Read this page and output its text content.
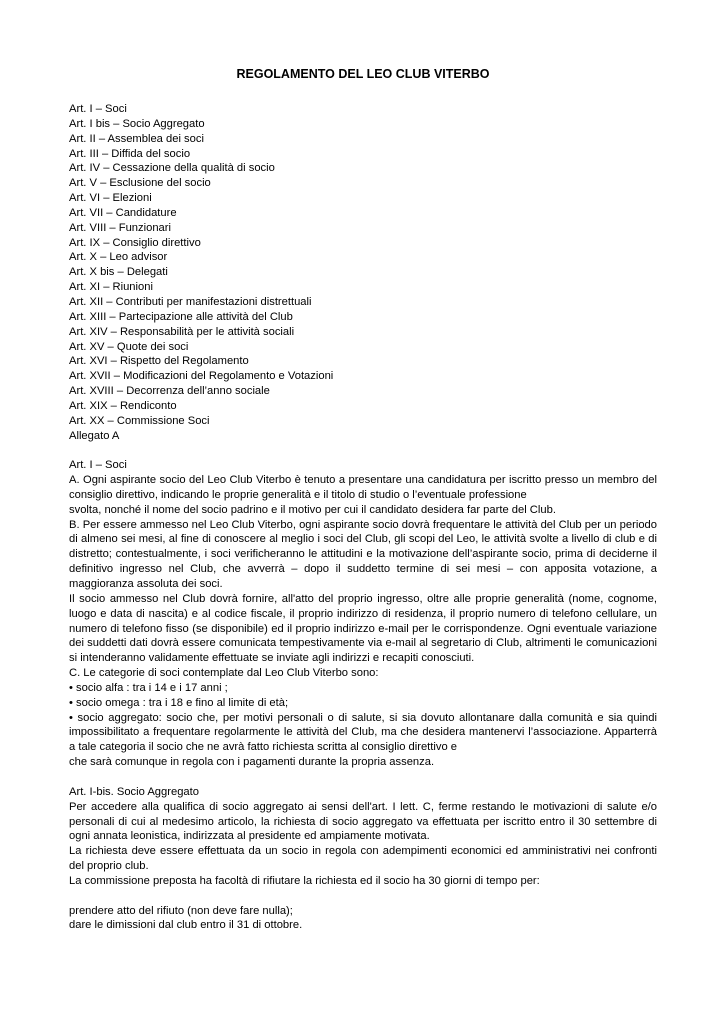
REGOLAMENTO DEL LEO CLUB VITERBO
Art. I – Soci
Art. I bis – Socio Aggregato
Art. II – Assemblea dei soci
Art. III – Diffida del socio
Art. IV – Cessazione della qualità di socio
Art. V – Esclusione del socio
Art. VI – Elezioni
Art. VII – Candidature
Art. VIII – Funzionari
Art. IX – Consiglio direttivo
Art. X – Leo advisor
Art. X bis – Delegati
Art. XI – Riunioni
Art. XII – Contributi per manifestazioni distrettuali
Art. XIII – Partecipazione alle attività del Club
Art. XIV – Responsabilità per le attività sociali
Art. XV – Quote dei soci
Art. XVI – Rispetto del Regolamento
Art. XVII – Modificazioni del Regolamento e Votazioni
Art. XVIII – Decorrenza dell’anno sociale
Art. XIX – Rendiconto
Art. XX – Commissione Soci
Allegato A
Art. I – Soci
A. Ogni aspirante socio del Leo Club Viterbo è tenuto a presentare una candidatura per iscritto presso un membro del
consiglio direttivo, indicando le proprie generalità e il titolo di studio o l’eventuale professione
svolta, nonché il nome del socio padrino e il motivo per cui il candidato desidera far parte del Club.
B. Per essere ammesso nel Leo Club Viterbo, ogni aspirante socio dovrà frequentare le attività del Club per un periodo
di almeno sei mesi, al fine di conoscere al meglio i soci del Club, gli scopi del Leo, le attività svolte a livello di club e di
distretto; contestualmente, i soci verificheranno le attitudini e la motivazione dell’aspirante socio, prima di deciderne il
definitivo ingresso nel Club, che avverrà – dopo il suddetto termine di sei mesi – con apposita votazione, a
maggioranza assoluta dei soci.
Il socio ammesso nel Club dovrà fornire, all'atto del proprio ingresso, oltre alle proprie generalità (nome, cognome,
luogo e data di nascita) e al codice fiscale, il proprio indirizzo di residenza, il proprio numero di telefono cellulare, un
numero di telefono fisso (se disponibile) ed il proprio indirizzo e-mail per le corrispondenze. Ogni eventuale variazione
dei suddetti dati dovrà essere comunicata tempestivamente via e-mail al segretario di Club, altrimenti le comunicazioni
si intenderanno validamente effettuate se inviate agli indirizzi e recapiti conosciuti.
C. Le categorie di soci contemplate dal Leo Club Viterbo sono:
• socio alfa : tra i 14 e i 17 anni ;
• socio omega : tra i 18 e fino al limite di età;
• socio aggregato: socio che, per motivi personali o di salute, si sia dovuto allontanare dalla comunità e sia quindi
impossibilitato a frequentare regolarmente le attività del Club, ma che desidera mantenervi l’associazione. Apparterrà
a tale categoria il socio che ne avrà fatto richiesta scritta al consiglio direttivo e
che sarà comunque in regola con i pagamenti durante la propria assenza.
Art. I-bis. Socio Aggregato
Per accedere alla qualifica di socio aggregato ai sensi dell'art. I lett. C, ferme restando le motivazioni di salute e/o
personali di cui al medesimo articolo, la richiesta di socio aggregato va effettuata per iscritto entro il 30 settembre di
ogni annata leonistica, indirizzata al presidente ed ampiamente motivata.
La richiesta deve essere effettuata da un socio in regola con adempimenti economici ed amministrativi nei confronti
del proprio club.
La commissione preposta ha facoltà di rifiutare la richiesta ed il socio ha 30 giorni di tempo per:
prendere atto del rifiuto (non deve fare nulla);
dare le dimissioni dal club entro il 31 di ottobre.
